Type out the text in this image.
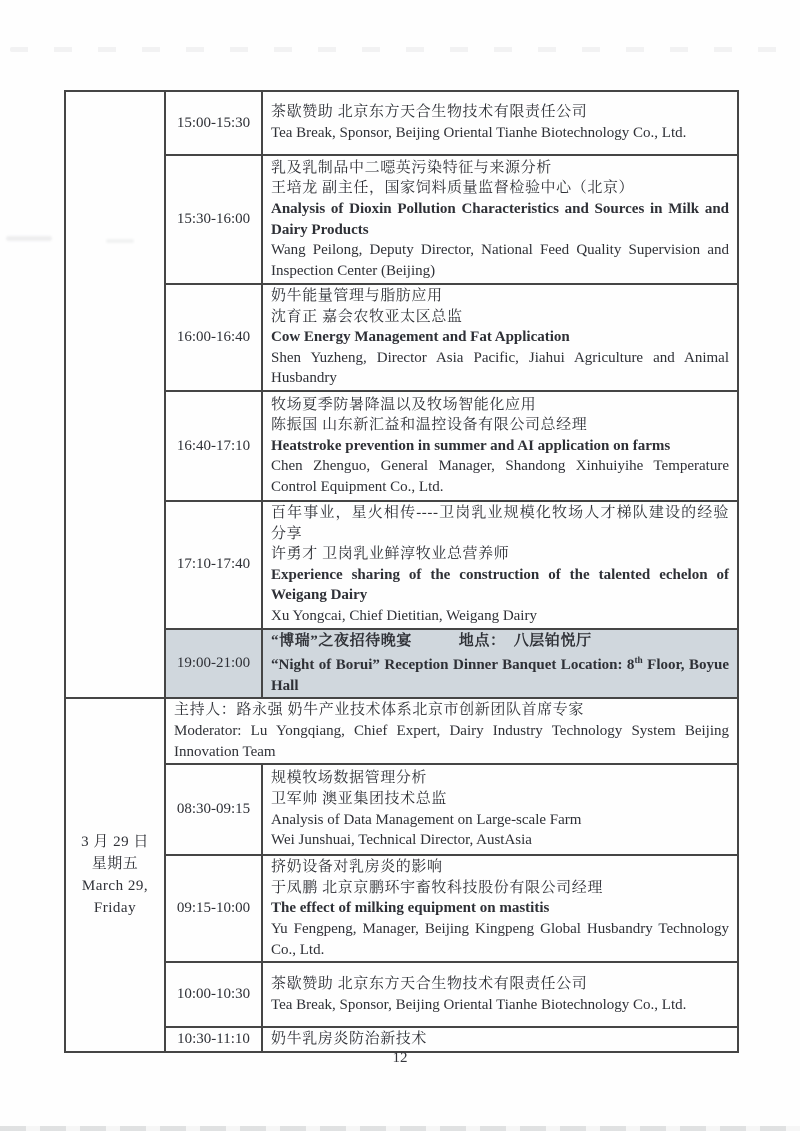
	15:00-15:30	茶歇赞助 北京东方天合生物技术有限责任公司
Tea Break, Sponsor, Beijing Oriental Tianhe Biotechnology Co., Ltd.

	15:30-16:00	乳及乳制品中二噁英污染特征与来源分析
王培龙 副主任，国家饲料质量监督检验中心（北京）
Analysis of Dioxin Pollution Characteristics and Sources in Milk and Dairy Products
Wang Peilong, Deputy Director, National Feed Quality Supervision and Inspection Center (Beijing)

	16:00-16:40	奶牛能量管理与脂肪应用
沈育正 嘉会农牧亚太区总监
Cow Energy Management and Fat Application
Shen Yuzheng, Director Asia Pacific, Jiahui Agriculture and Animal Husbandry

	16:40-17:10	牧场夏季防暑降温以及牧场智能化应用
陈振国 山东新汇益和温控设备有限公司总经理
Heatstroke prevention in summer and AI application on farms
Chen Zhenguo, General Manager, Shandong Xinhuiyihe Temperature Control Equipment Co., Ltd.

	17:10-17:40	百年事业，星火相传----卫岗乳业规模化牧场人才梯队建设的经验分享
许勇才 卫岗乳业鲜淳牧业总营养师
Experience sharing of the construction of the talented echelon of Weigang Dairy
Xu Yongcai, Chief Dietitian, Weigang Dairy

	19:00-21:00	“博瑞”之夜招待晚宴　　　地点：　八层铂悦厅
“Night of Borui” Reception Dinner Banquet Location: 8th Floor, Boyue Hall

3 月 29 日
星期五
March 29,
Friday

主持人：路永强 奶牛产业技术体系北京市创新团队首席专家
Moderator: Lu Yongqiang, Chief Expert, Dairy Industry Technology System Beijing Innovation Team

	08:30-09:15	规模牧场数据管理分析
卫军帅 澳亚集团技术总监
Analysis of Data Management on Large-scale Farm
Wei Junshuai, Technical Director, AustAsia

	09:15-10:00	挤奶设备对乳房炎的影响
于凤鹏 北京京鹏环宇畜牧科技股份有限公司经理
The effect of milking equipment on mastitis
Yu Fengpeng, Manager, Beijing Kingpeng Global Husbandry Technology Co., Ltd.

	10:00-10:30	茶歇赞助 北京东方天合生物技术有限责任公司
Tea Break, Sponsor, Beijing Oriental Tianhe Biotechnology Co., Ltd.

	10:30-11:10	奶牛乳房炎防治新技术
12
